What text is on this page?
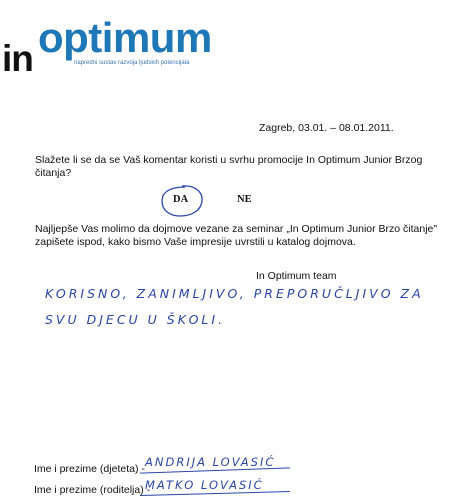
optimum
in	napredni sustav razvoja ljudskih potencijala
Zagreb, 03.01. – 08.01.2011.
Slažete li se da se Vaš komentar koristi u svrhu promocije In Optimum Junior Brzog
čitanja?
DA	NE
Najljepše Vas molimo da dojmove vezane za seminar „In Optimum Junior Brzo čitanje"
zapišete ispod, kako bismo Vaše impresije uvrstili u katalog dojmova.
In Optimum team
KORISNO, ZANIMLJIVO, PREPORUČLJIVO ZA
SVU DJECU U ŠKOLI.
Ime i prezime (djeteta) - ANDRIJA LOVASIĆ
Ime i prezime (roditelja) -
MATKO LOVASIĆ
